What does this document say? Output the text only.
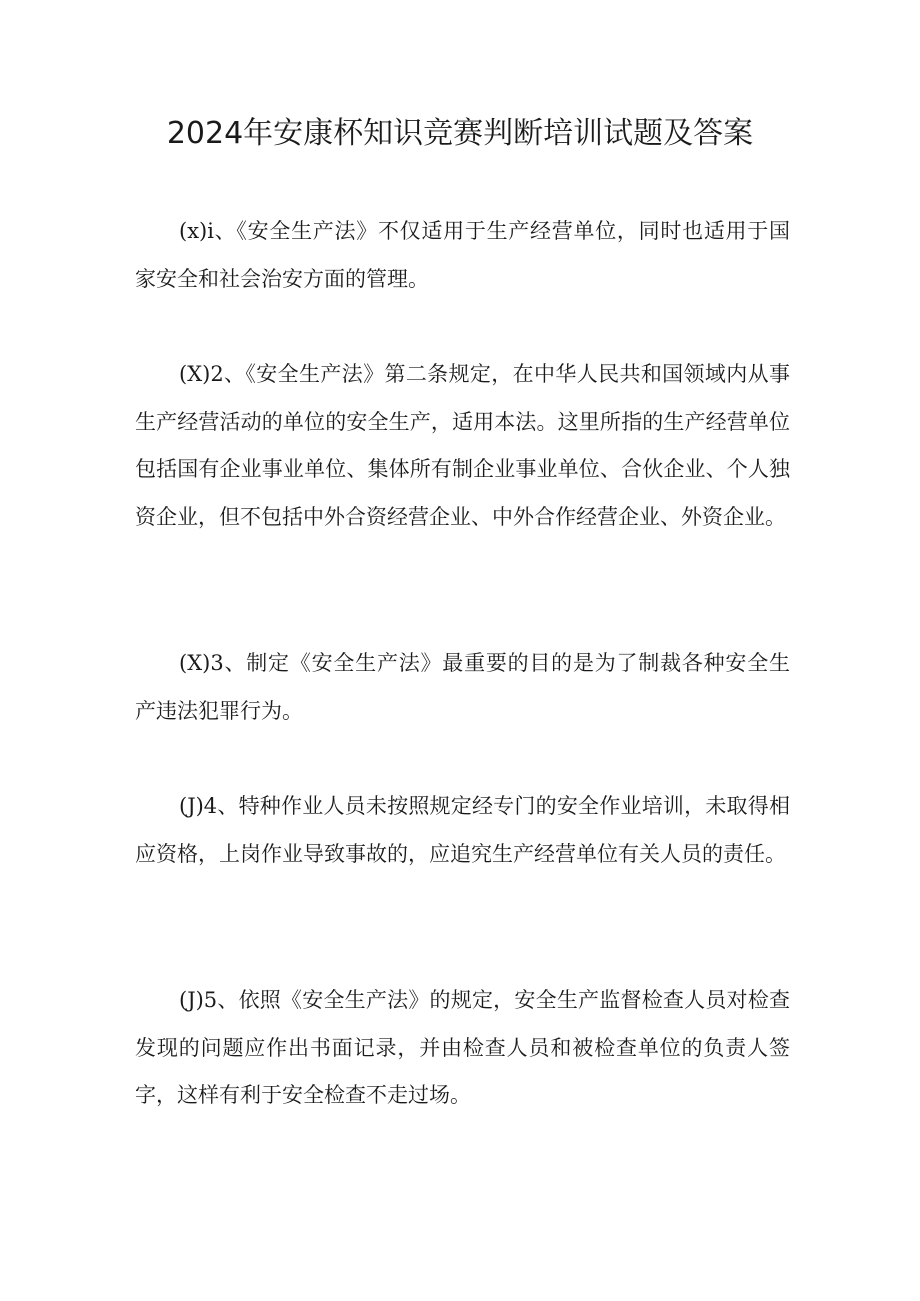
2024年安康杯知识竞赛判断培训试题及答案

(x)i、《安全生产法》不仅适用于生产经营单位，同时也适用于国家安全和社会治安方面的管理。

(X)2、《安全生产法》第二条规定，在中华人民共和国领域内从事生产经营活动的单位的安全生产，适用本法。这里所指的生产经营单位包括国有企业事业单位、集体所有制企业事业单位、合伙企业、个人独资企业，但不包括中外合资经营企业、中外合作经营企业、外资企业。

(X)3、制定《安全生产法》最重要的目的是为了制裁各种安全生产违法犯罪行为。

(J)4、特种作业人员未按照规定经专门的安全作业培训，未取得相应资格，上岗作业导致事故的，应追究生产经营单位有关人员的责任。

(J)5、依照《安全生产法》的规定，安全生产监督检查人员对检查发现的问题应作出书面记录，并由检查人员和被检查单位的负责人签字，这样有利于安全检查不走过场。
